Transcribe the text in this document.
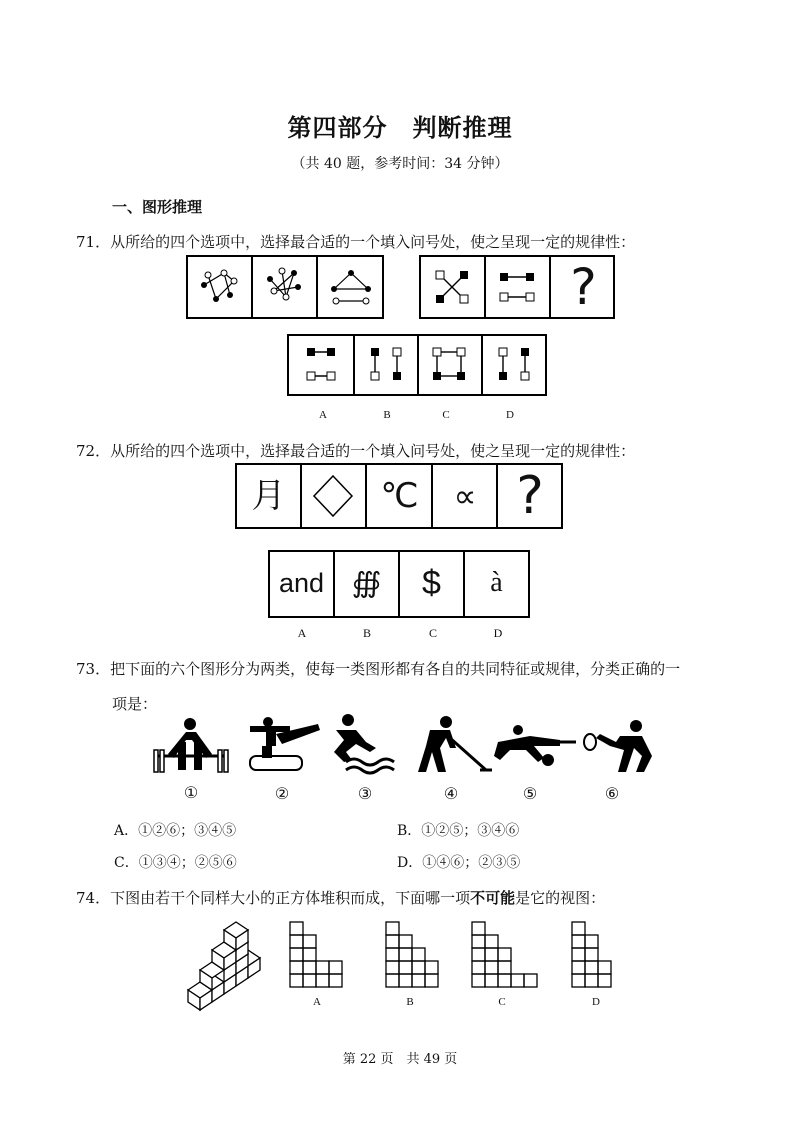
第四部分　判断推理
（共 40 题，参考时间：34 分钟）
一、图形推理
71．从所给的四个选项中，选择最合适的一个填入问号处，使之呈现一定的规律性：
?
A	B	C	D
72．从所给的四个选项中，选择最合适的一个填入问号处，使之呈现一定的规律性：
月	℃	∝ ?
and ∰	$	à
A	B	C	D
73．把下面的六个图形分为两类，使每一类图形都有各自的共同特征或规律，分类正确的一
项是：
①	②	③	④	⑤	⑥
A．①②⑥；③④⑤	B．①②⑤；③④⑥
C．①③④；②⑤⑥	D．①④⑥；②③⑤
74．下图由若干个同样大小的正方体堆积而成，下面哪一项不可能是它的视图：
A	B	C	D
第 22 页　共 49 页
